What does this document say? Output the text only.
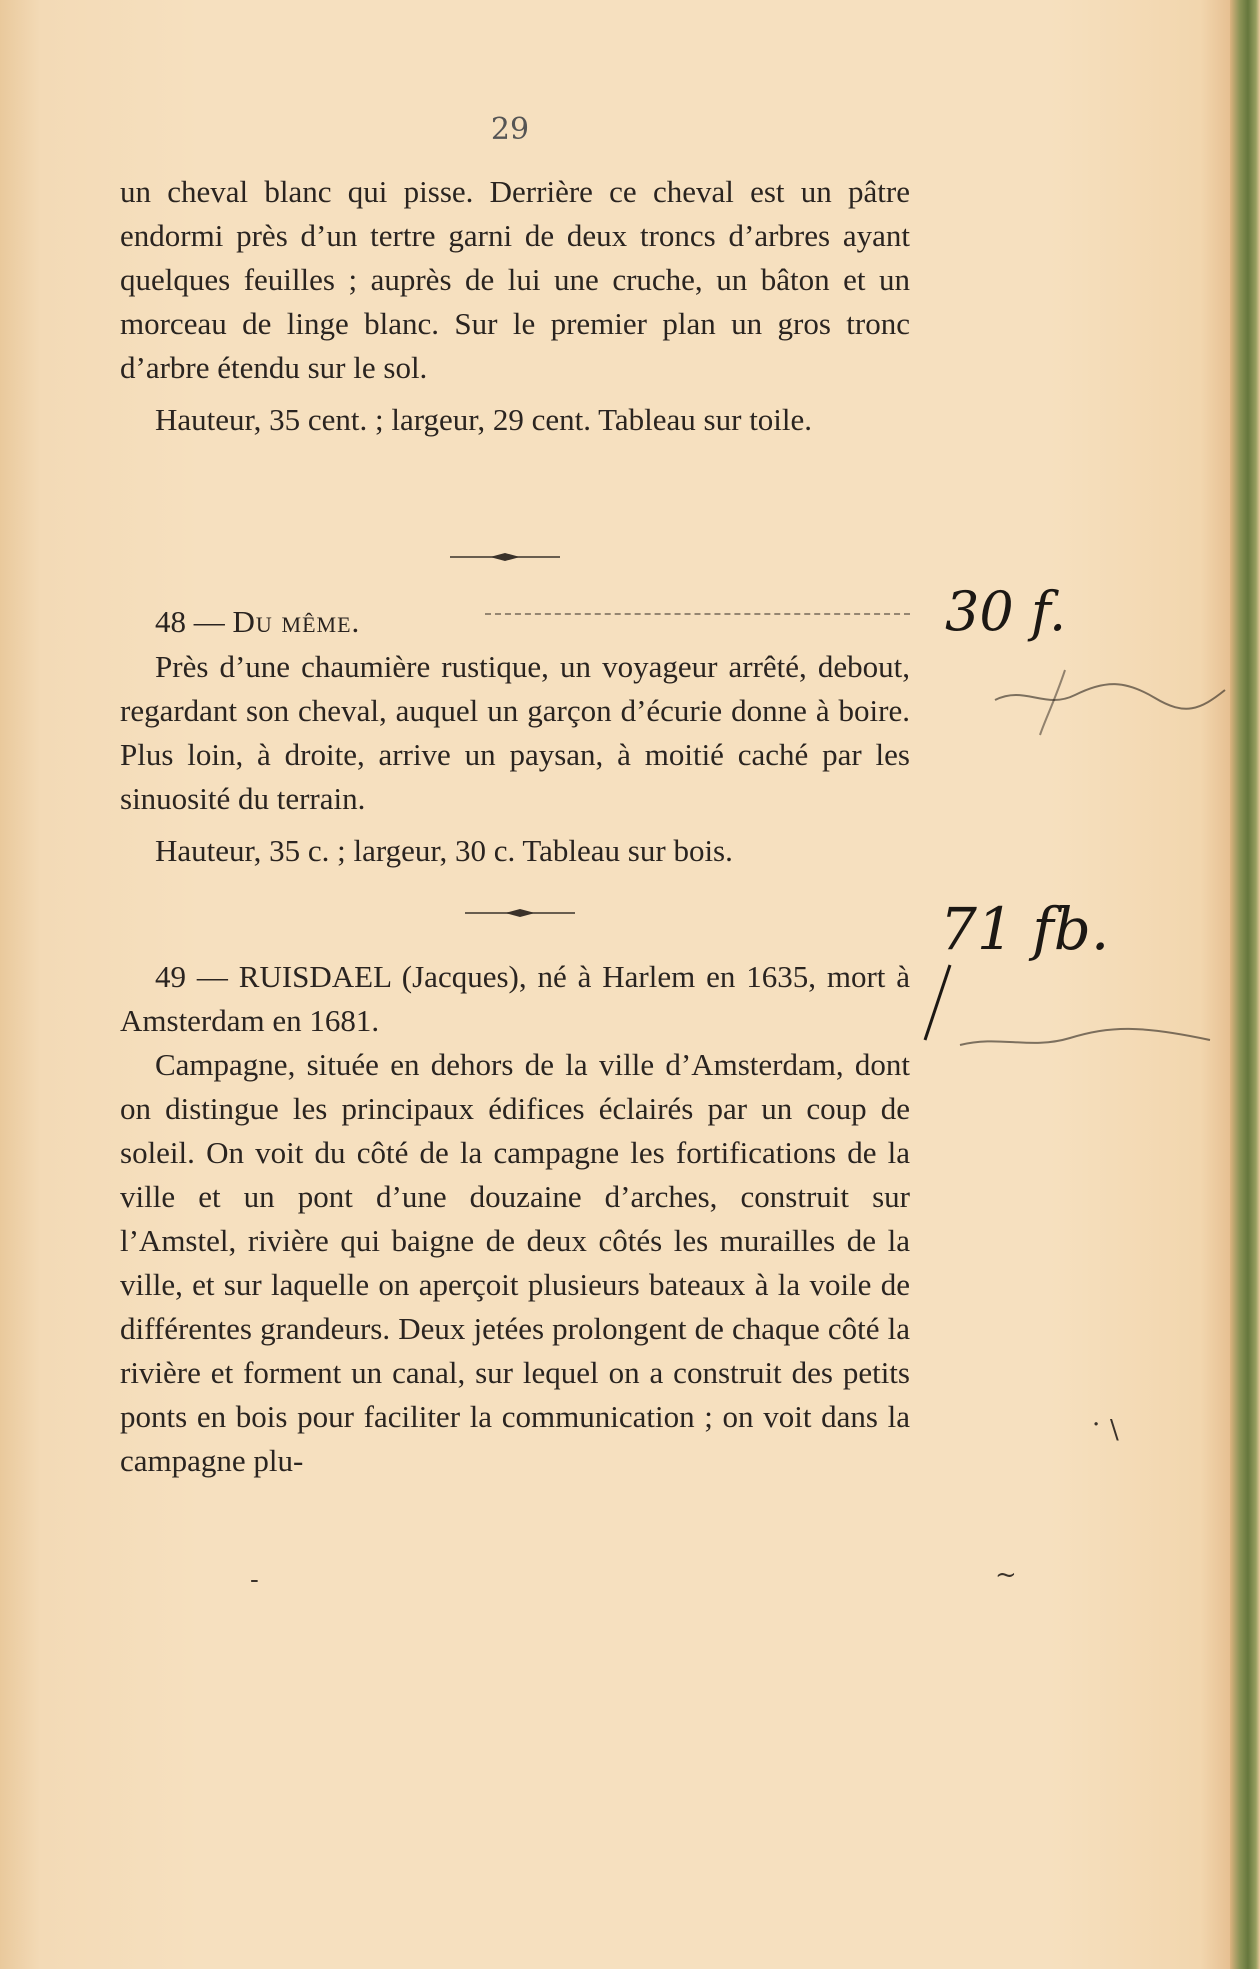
29

un cheval blanc qui pisse. Derrière ce cheval est un pâtre endormi près d’un tertre garni de deux troncs d’arbres ayant quelques feuilles ; auprès de lui une cruche, un bâton et un morceau de linge blanc. Sur le premier plan un gros tronc d’arbre étendu sur le sol.

Hauteur, 35 cent. ; largeur, 29 cent. Tableau sur toile.

48 — Du même.

Près d’une chaumière rustique, un voyageur arrêté, debout, regardant son cheval, auquel un garçon d’écurie donne à boire. Plus loin, à droite, arrive un paysan, à moitié caché par les sinuosité du terrain.

Hauteur, 35 c. ; largeur, 30 c. Tableau sur bois.

49 — RUISDAEL (Jacques), né à Harlem en 1635, mort à Amsterdam en 1681.

Campagne, située en dehors de la ville d’Amsterdam, dont on distingue les principaux édifices éclairés par un coup de soleil. On voit du côté de la campagne les fortifications de la ville et un pont d’une douzaine d’arches, construit sur l’Amstel, rivière qui baigne de deux côtés les murailles de la ville, et sur laquelle on aperçoit plusieurs bateaux à la voile de différentes grandeurs. Deux jetées prolongent de chaque côté la rivière et forment un canal, sur lequel on a construit des petits ponts en bois pour faciliter la communication ; on voit dans la campagne plu-

30 f.
71 fb.
\
·
-	~
